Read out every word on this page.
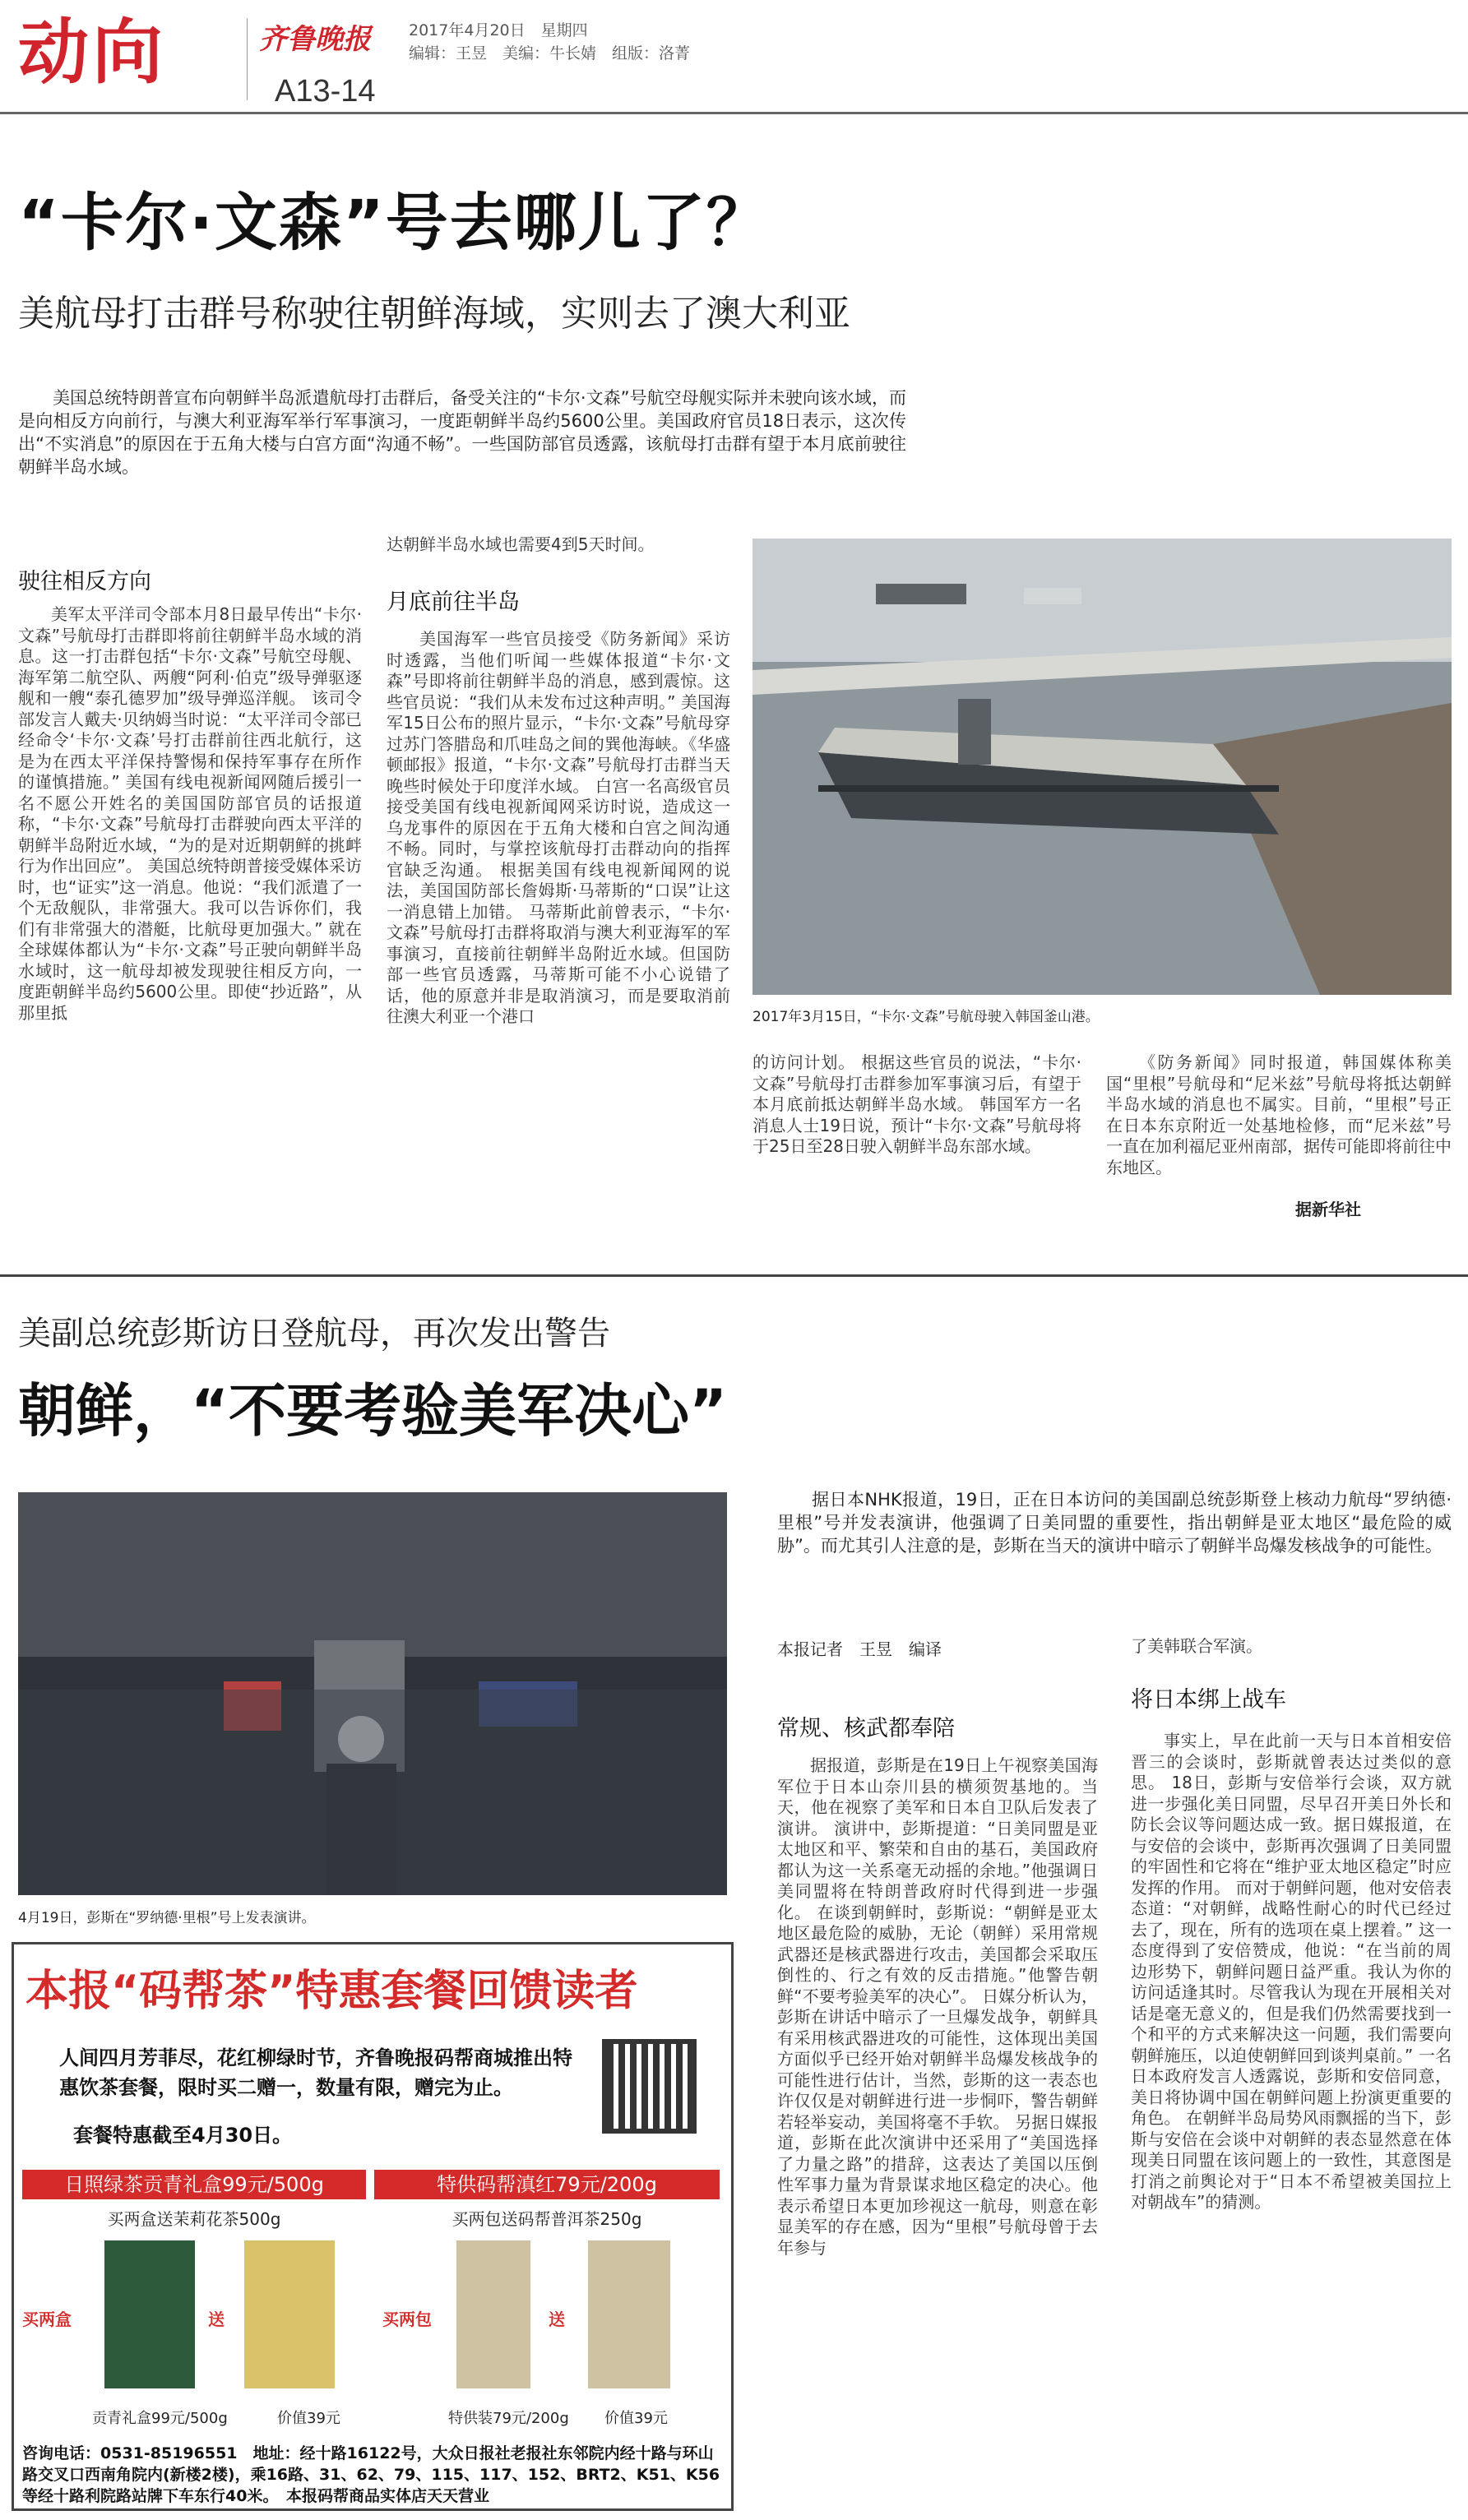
动向	齐鲁晚报 2017年4月20日　星期四
编辑：王昱　美编：牛长婧　组版：洛菁
A13-14
“卡尔·文森”号去哪儿了？
美航母打击群号称驶往朝鲜海域，实则去了澳大利亚

美国总统特朗普宣布向朝鲜半岛派遣航母打击群后，备受关注的“卡尔·文森”号航空母舰实际并未驶向该水域，而是向相反方向前行，与澳大利亚海军举行军事演习，一度距朝鲜半岛约5600公里。美国政府官员18日表示，这次传出“不实消息”的原因在于五角大楼与白宫方面“沟通不畅”。一些国防部官员透露，该航母打击群有望于本月底前驶往朝鲜半岛水域。

驶往相反方向

美军太平洋司令部本月8日最早传出“卡尔·文森”号航母打击群即将前往朝鲜半岛水域的消息。这一打击群包括“卡尔·文森”号航空母舰、海军第二航空队、两艘“阿利·伯克”级导弹驱逐舰和一艘“泰孔德罗加”级导弹巡洋舰。 该司令部发言人戴夫·贝纳姆当时说：“太平洋司令部已经命令‘卡尔·文森’号打击群前往西北航行，这是为在西太平洋保持警惕和保持军事存在所作的谨慎措施。” 美国有线电视新闻网随后援引一名不愿公开姓名的美国国防部官员的话报道称，“卡尔·文森”号航母打击群驶向西太平洋的朝鲜半岛附近水域，“为的是对近期朝鲜的挑衅行为作出回应”。 美国总统特朗普接受媒体采访时，也“证实”这一消息。他说：“我们派遣了一个无敌舰队，非常强大。我可以告诉你们，我们有非常强大的潜艇，比航母更加强大。” 就在全球媒体都认为“卡尔·文森”号正驶向朝鲜半岛水域时，这一航母却被发现驶往相反方向，一度距朝鲜半岛约5600公里。即使“抄近路”，从那里抵

达朝鲜半岛水域也需要4到5天时间。

月底前往半岛

美国海军一些官员接受《防务新闻》采访时透露，当他们听闻一些媒体报道“卡尔·文森”号即将前往朝鲜半岛的消息，感到震惊。这些官员说：“我们从未发布过这种声明。” 美国海军15日公布的照片显示，“卡尔·文森”号航母穿过苏门答腊岛和爪哇岛之间的巽他海峡。《华盛顿邮报》报道，“卡尔·文森”号航母打击群当天晚些时候处于印度洋水域。 白宫一名高级官员接受美国有线电视新闻网采访时说，造成这一乌龙事件的原因在于五角大楼和白宫之间沟通不畅。同时，与掌控该航母打击群动向的指挥官缺乏沟通。 根据美国有线电视新闻网的说法，美国国防部长詹姆斯·马蒂斯的“口误”让这一消息错上加错。 马蒂斯此前曾表示，“卡尔·文森”号航母打击群将取消与澳大利亚海军的军事演习，直接前往朝鲜半岛附近水域。但国防部一些官员透露，马蒂斯可能不小心说错了话，他的原意并非是取消演习，而是要取消前往澳大利亚一个港口	2017年3月15日，“卡尔·文森”号航母驶入韩国釜山港。

的访问计划。 根据这些官员的说法，“卡尔·文森”号航母打击群参加军事演习后，有望于本月底前抵达朝鲜半岛水域。 韩国军方一名消息人士19日说，预计“卡尔·文森”号航母将于25日至28日驶入朝鲜半岛东部水域。

《防务新闻》同时报道，韩国媒体称美国“里根”号航母和“尼米兹”号航母将抵达朝鲜半岛水域的消息也不属实。目前，“里根”号正在日本东京附近一处基地检修，而“尼米兹”号一直在加利福尼亚州南部，据传可能即将前往中东地区。

据新华社
美副总统彭斯访日登航母，再次发出警告
朝鲜，“不要考验美军决心”
4月19日，彭斯在“罗纳德·里根”号上发表演讲。

据日本NHK报道，19日，正在日本访问的美国副总统彭斯登上核动力航母“罗纳德·里根”号并发表演讲，他强调了日美同盟的重要性，指出朝鲜是亚太地区“最危险的威胁”。而尤其引人注意的是，彭斯在当天的演讲中暗示了朝鲜半岛爆发核战争的可能性。

本报记者　王昱　编译
常规、核武都奉陪

据报道，彭斯是在19日上午视察美国海军位于日本山奈川县的横须贺基地的。当天，他在视察了美军和日本自卫队后发表了演讲。 演讲中，彭斯提道：“日美同盟是亚太地区和平、繁荣和自由的基石，美国政府都认为这一关系毫无动摇的余地。”他强调日美同盟将在特朗普政府时代得到进一步强化。 在谈到朝鲜时，彭斯说：“朝鲜是亚太地区最危险的威胁，无论（朝鲜）采用常规武器还是核武器进行攻击，美国都会采取压倒性的、行之有效的反击措施。”他警告朝鲜“不要考验美军的决心”。 日媒分析认为，彭斯在讲话中暗示了一旦爆发战争，朝鲜具有采用核武器进攻的可能性，这体现出美国方面似乎已经开始对朝鲜半岛爆发核战争的可能性进行估计，当然，彭斯的这一表态也许仅仅是对朝鲜进行进一步恫吓，警告朝鲜若轻举妄动，美国将毫不手软。 另据日媒报道，彭斯在此次演讲中还采用了“美国选择了力量之路”的措辞，这表达了美国以压倒性军事力量为背景谋求地区稳定的决心。他表示希望日本更加珍视这一航母，则意在彰显美军的存在感，因为“里根”号航母曾于去年参与

了美韩联合军演。

将日本绑上战车

事实上，早在此前一天与日本首相安倍晋三的会谈时，彭斯就曾表达过类似的意思。 18日，彭斯与安倍举行会谈，双方就进一步强化美日同盟，尽早召开美日外长和防长会议等问题达成一致。据日媒报道，在与安倍的会谈中，彭斯再次强调了日美同盟的牢固性和它将在“维护亚太地区稳定”时应发挥的作用。 而对于朝鲜问题，他对安倍表态道：“对朝鲜，战略性耐心的时代已经过去了，现在，所有的选项在桌上摆着。” 这一态度得到了安倍赞成，他说：“在当前的周边形势下，朝鲜问题日益严重。我认为你的访问适逢其时。尽管我认为现在开展相关对话是毫无意义的，但是我们仍然需要找到一个和平的方式来解决这一问题，我们需要向朝鲜施压，以迫使朝鲜回到谈判桌前。” 一名日本政府发言人透露说，彭斯和安倍同意，美日将协调中国在朝鲜问题上扮演更重要的角色。 在朝鲜半岛局势风雨飘摇的当下，彭斯与安倍在会谈中对朝鲜的表态显然意在体现美日同盟在该问题上的一致性，其意图是打消之前舆论对于“日本不希望被美国拉上对朝战车”的猜测。

本报“码帮茶”特惠套餐回馈读者
人间四月芳菲尽，花红柳绿时节，齐鲁晚报码帮商城推出特惠饮茶套餐，限时买二赠一，数量有限，赠完为止。
套餐特惠截至4月30日。
日照绿茶贡青礼盒99元/500g
买两盒送茉莉花茶500g
买两盒	送
贡青礼盒99元/500g	价值39元
特供码帮滇红79元/200g
买两包送码帮普洱茶250g
买两包	送
特供装79元/200g 价值39元
咨询电话：0531-85196551　地址：经十路16122号，大众日报社老报社东邻院内经十路与环山路交叉口西南角院内(新楼2楼)，乘16路、31、62、79、115、117、152、BRT2、K51、K56等经十路利院路站牌下车东行40米。　本报码帮商品实体店天天营业
